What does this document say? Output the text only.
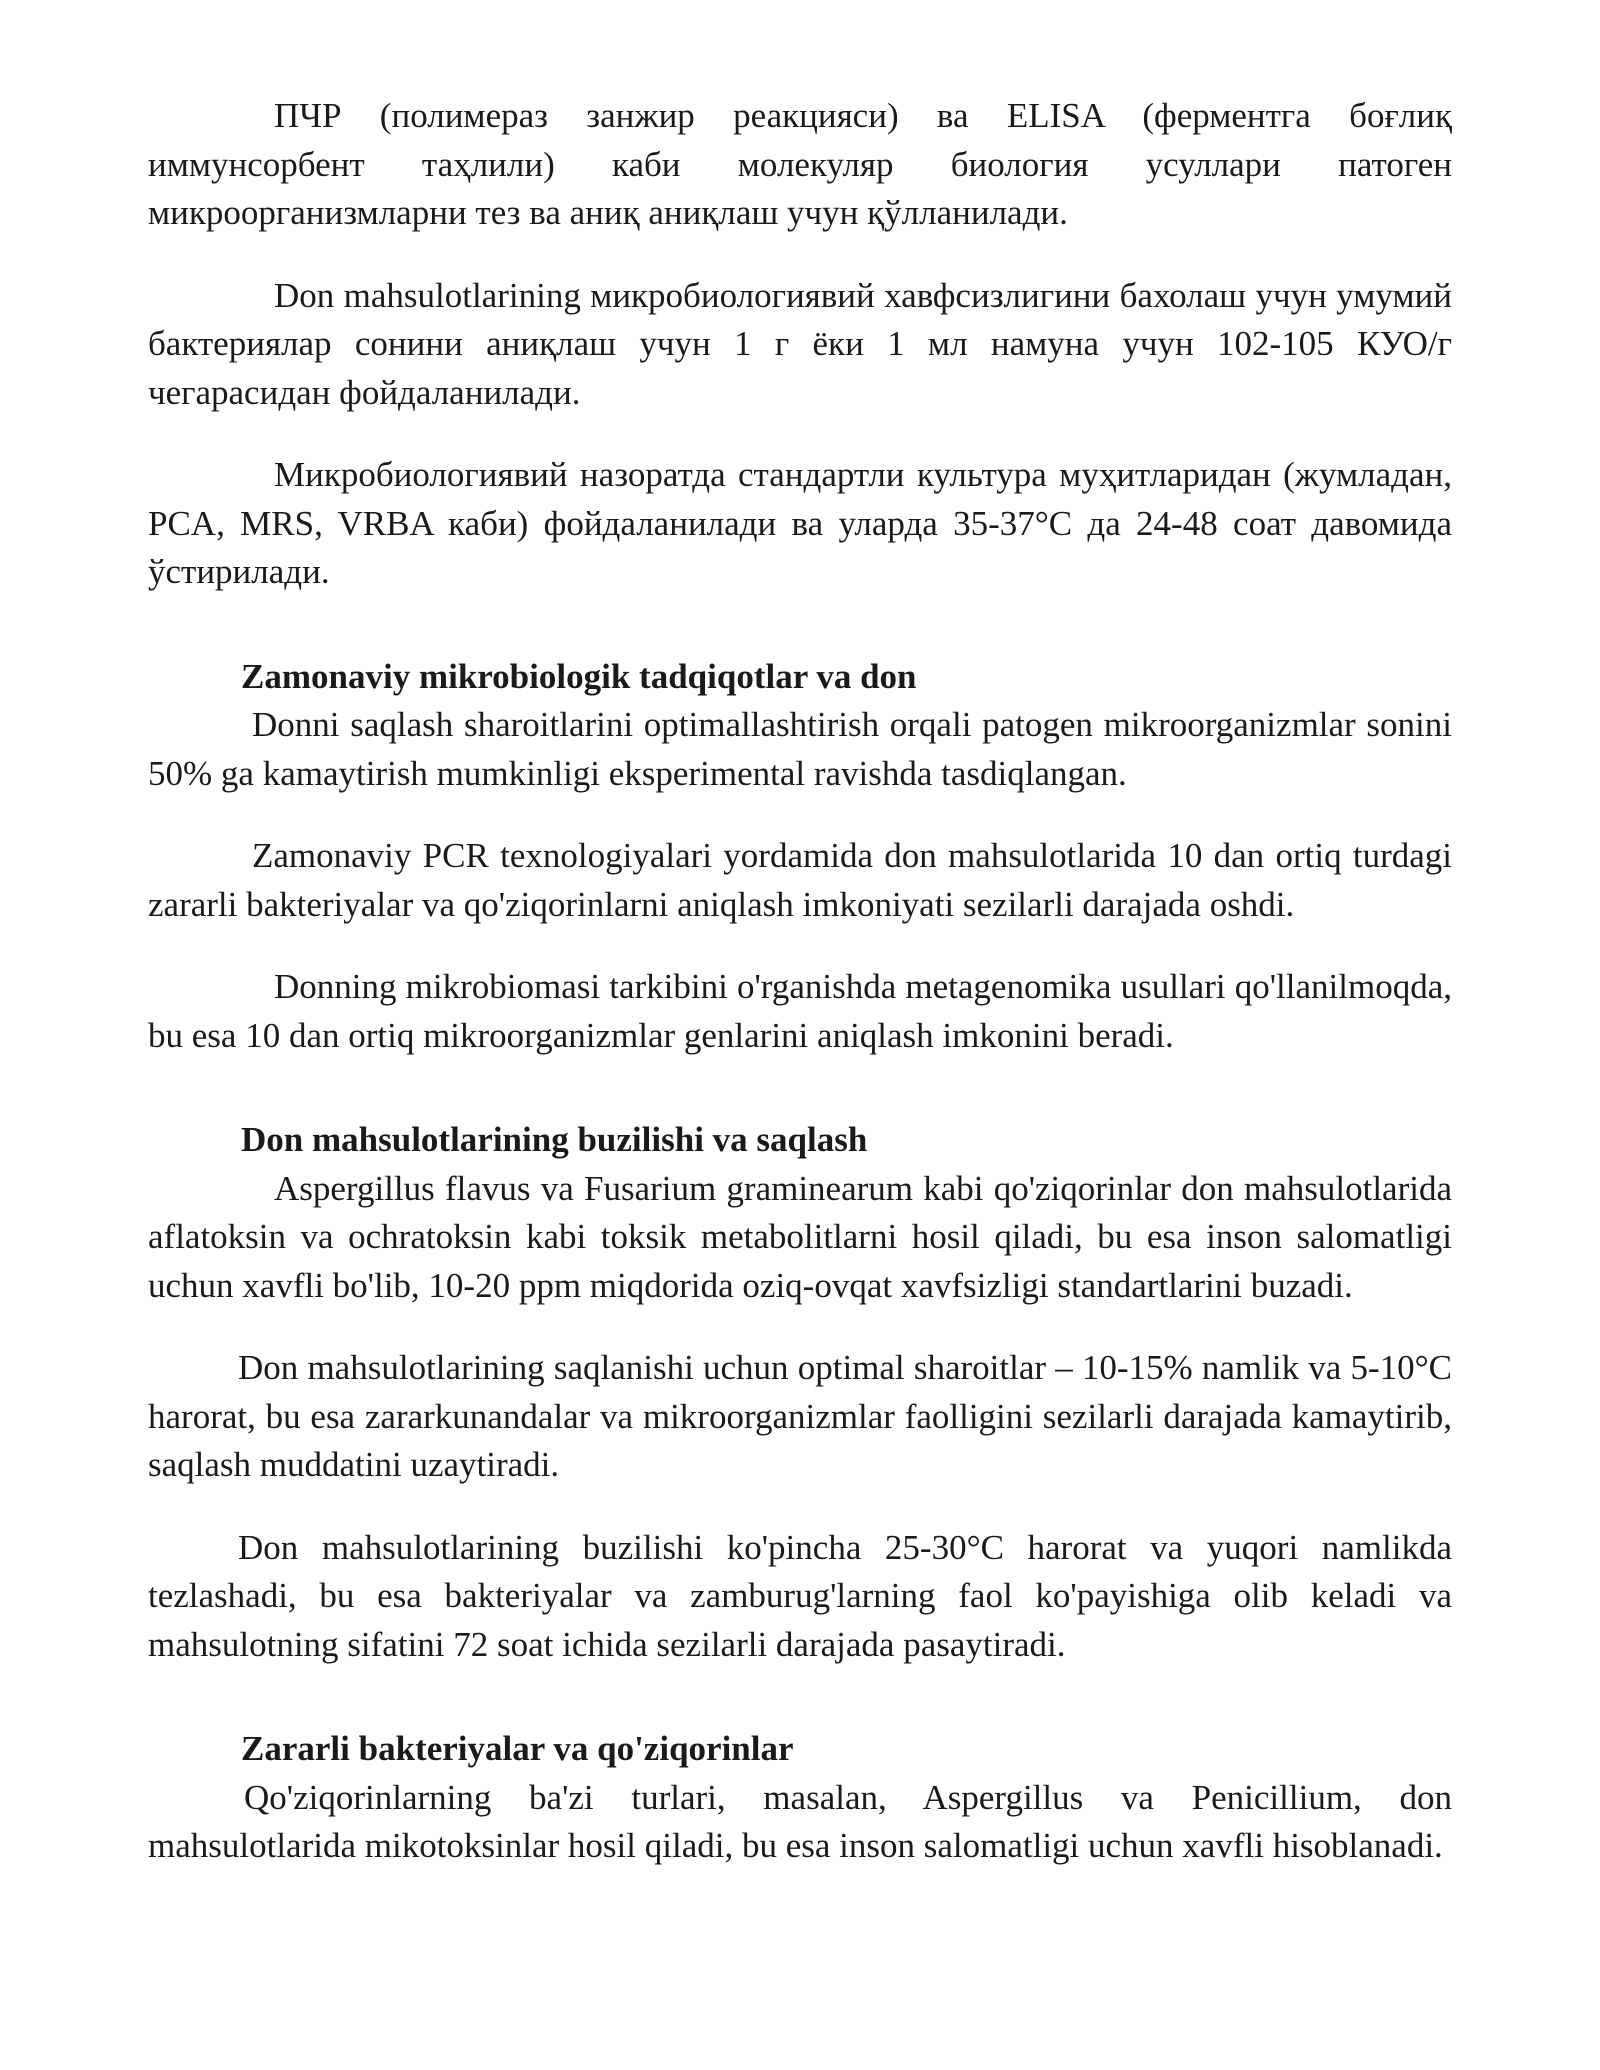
ПЧР (полимераз занжир реакцияси) ва ELISA (ферментга боғлиқ иммунсорбент таҳлили) каби молекуляр биология усуллари патоген микроорганизмларни тез ва аниқ аниқлаш учун қўлланилади.

Don mahsulotlarining микробиологиявий хавфсизлигини бахолаш учун умумий бактериялар сонини аниқлаш учун 1 г ёки 1 мл намуна учун 102-105 КУО/г чегарасидан фойдаланилади.

Микробиологиявий назоратда стандартли культура муҳитларидан (жумладан, PCA, MRS, VRBA каби) фойдаланилади ва уларда 35-37°C да 24-48 соат давомида ўстирилади.

Zamonaviy mikrobiologik tadqiqotlar va don

Donni saqlash sharoitlarini optimallashtirish orqali patogen mikroorganizmlar sonini 50% ga kamaytirish mumkinligi eksperimental ravishda tasdiqlangan.

Zamonaviy PCR texnologiyalari yordamida don mahsulotlarida 10 dan ortiq turdagi zararli bakteriyalar va qo'ziqorinlarni aniqlash imkoniyati sezilarli darajada oshdi.

Donning mikrobiomasi tarkibini o'rganishda metagenomika usullari qo'llanilmoqda, bu esa 10 dan ortiq mikroorganizmlar genlarini aniqlash imkonini beradi.

Don mahsulotlarining buzilishi va saqlash

Aspergillus flavus va Fusarium graminearum kabi qo'ziqorinlar don mahsulotlarida aflatoksin va ochratoksin kabi toksik metabolitlarni hosil qiladi, bu esa inson salomatligi uchun xavfli bo'lib, 10-20 ppm miqdorida oziq-ovqat xavfsizligi standartlarini buzadi.

Don mahsulotlarining saqlanishi uchun optimal sharoitlar – 10-15% namlik va 5-10°C harorat, bu esa zararkunandalar va mikroorganizmlar faolligini sezilarli darajada kamaytirib, saqlash muddatini uzaytiradi.

Don mahsulotlarining buzilishi ko'pincha 25-30°C harorat va yuqori namlikda tezlashadi, bu esa bakteriyalar va zamburug'larning faol ko'payishiga olib keladi va mahsulotning sifatini 72 soat ichida sezilarli darajada pasaytiradi.

Zararli bakteriyalar va qo'ziqorinlar

Qo'ziqorinlarning ba'zi turlari, masalan, Aspergillus va Penicillium, don mahsulotlarida mikotoksinlar hosil qiladi, bu esa inson salomatligi uchun xavfli hisoblanadi.
